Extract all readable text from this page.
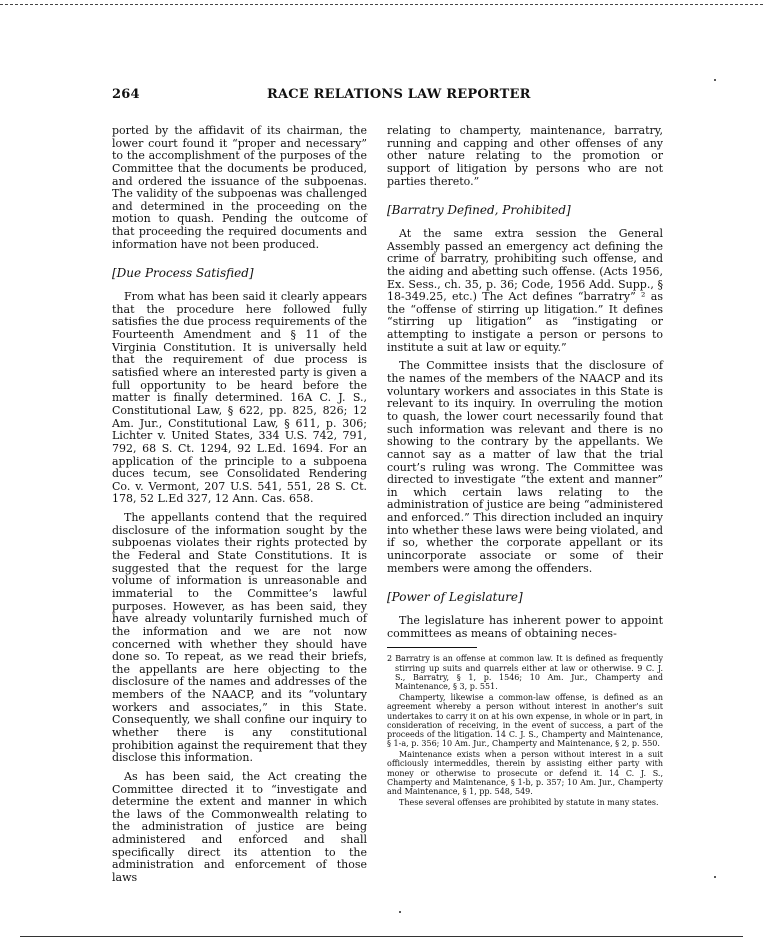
264	RACE RELATIONS LAW REPORTER

ported by the affidavit of its chairman, the lower court found it “proper and necessary” to the accomplishment of the purposes of the Committee that the documents be produced, and ordered the issuance of the subpoenas. The validity of the subpoenas was challenged and determined in the proceeding on the motion to quash. Pending the outcome of that proceeding the required documents and information have not been produced.

[Due Process Satisfied]

From what has been said it clearly appears that the procedure here followed fully satisfies the due process requirements of the Fourteenth Amendment and § 11 of the Virginia Constitution. It is universally held that the requirement of due process is satisfied where an interested party is given a full opportunity to be heard before the matter is finally determined. 16A C. J. S., Constitutional Law, § 622, pp. 825, 826; 12 Am. Jur., Constitutional Law, § 611, p. 306; Lichter v. United States, 334 U.S. 742, 791, 792, 68 S. Ct. 1294, 92 L.Ed. 1694. For an application of the principle to a subpoena duces tecum, see Consolidated Rendering Co. v. Vermont, 207 U.S. 541, 551, 28 S. Ct. 178, 52 L.Ed 327, 12 Ann. Cas. 658.

The appellants contend that the required disclosure of the information sought by the subpoenas violates their rights protected by the Federal and State Constitutions. It is suggested that the request for the large volume of information is unreasonable and immaterial to the Committee’s lawful purposes. However, as has been said, they have already voluntarily furnished much of the information and we are not now concerned with whether they should have done so. To repeat, as we read their briefs, the appellants are here objecting to the disclosure of the names and addresses of the members of the NAACP, and its “voluntary workers and associates,” in this State. Consequently, we shall confine our inquiry to whether there is any constitutional prohibition against the requirement that they disclose this information.

As has been said, the Act creating the Committee directed it to “investigate and determine the extent and manner in which the laws of the Commonwealth relating to the administration of justice are being administered and enforced and shall specifically direct its attention to the administration and enforcement of those laws

relating to champerty, maintenance, barratry, running and capping and other offenses of any other nature relating to the promotion or support of litigation by persons who are not parties thereto.”

[Barratry Defined, Prohibited]

At the same extra session the General Assembly passed an emergency act defining the crime of barratry, prohibiting such offense, and the aiding and abetting such offense. (Acts 1956, Ex. Sess., ch. 35, p. 36; Code, 1956 Add. Supp., § 18-349.25, etc.) The Act defines “barratry” ² as the “offense of stirring up litigation.” It defines “stirring up litigation” as “instigating or attempting to instigate a person or persons to institute a suit at law or equity.”

The Committee insists that the disclosure of the names of the members of the NAACP and its voluntary workers and associates in this State is relevant to its inquiry. In overruling the motion to quash, the lower court necessarily found that such information was relevant and there is no showing to the contrary by the appellants. We cannot say as a matter of law that the trial court’s ruling was wrong. The Committee was directed to investigate “the extent and manner” in which certain laws relating to the administration of justice are being “administered and enforced.” This direction included an inquiry into whether these laws were being violated, and if so, whether the corporate appellant or its unincorporate associate or some of their members were among the offenders.

[Power of Legislature]

The legislature has inherent power to appoint committees as means of obtaining neces-

2 Barratry is an offense at common law. It is defined as frequently stirring up suits and quarrels either at law or otherwise. 9 C. J. S., Barratry, § 1, p. 1546; 10 Am. Jur., Champerty and Maintenance, § 3, p. 551.

Champerty, likewise a common-law offense, is defined as an agreement whereby a person without interest in another’s suit undertakes to carry it on at his own expense, in whole or in part, in consideration of receiving, in the event of success, a part of the proceeds of the litigation. 14 C. J. S., Champerty and Maintenance, § 1-a, p. 356; 10 Am. Jur., Champerty and Maintenance, § 2, p. 550.

Maintenance exists when a person without interest in a suit officiously intermeddles, therein by assisting either party with money or otherwise to prosecute or defend it. 14 C. J. S., Champerty and Maintenance, § 1-b, p. 357; 10 Am. Jur., Champerty and Maintenance, § 1, pp. 548, 549.

These several offenses are prohibited by statute in many states.
